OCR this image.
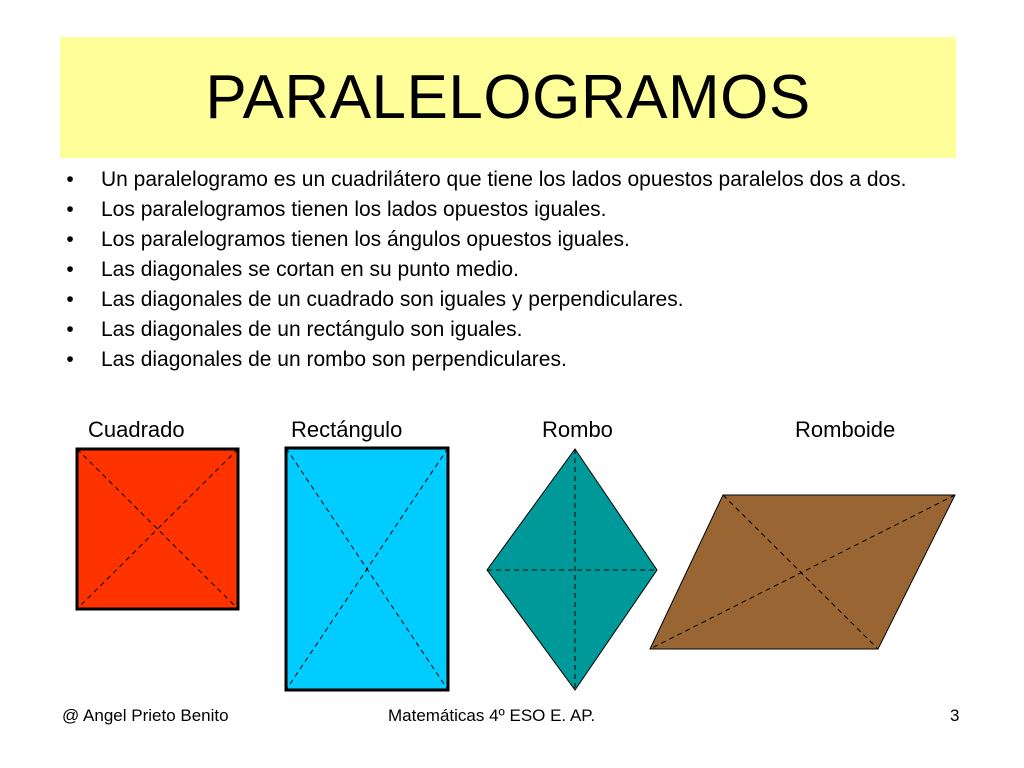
PARALELOGRAMOS
•	Un paralelogramo es un cuadrilátero que tiene los lados opuestos paralelos dos a dos.
•	Los paralelogramos tienen los lados opuestos iguales.
•	Los paralelogramos tienen los ángulos opuestos iguales.
•	Las diagonales se cortan en su punto medio.
•	Las diagonales de un cuadrado son iguales y perpendiculares.
•	Las diagonales de un rectángulo son iguales.
•	Las diagonales de un rombo son perpendiculares.
Cuadrado	Rectángulo	Rombo	Romboide
@ Angel Prieto Benito	Matemáticas 4º ESO E. AP.	3
